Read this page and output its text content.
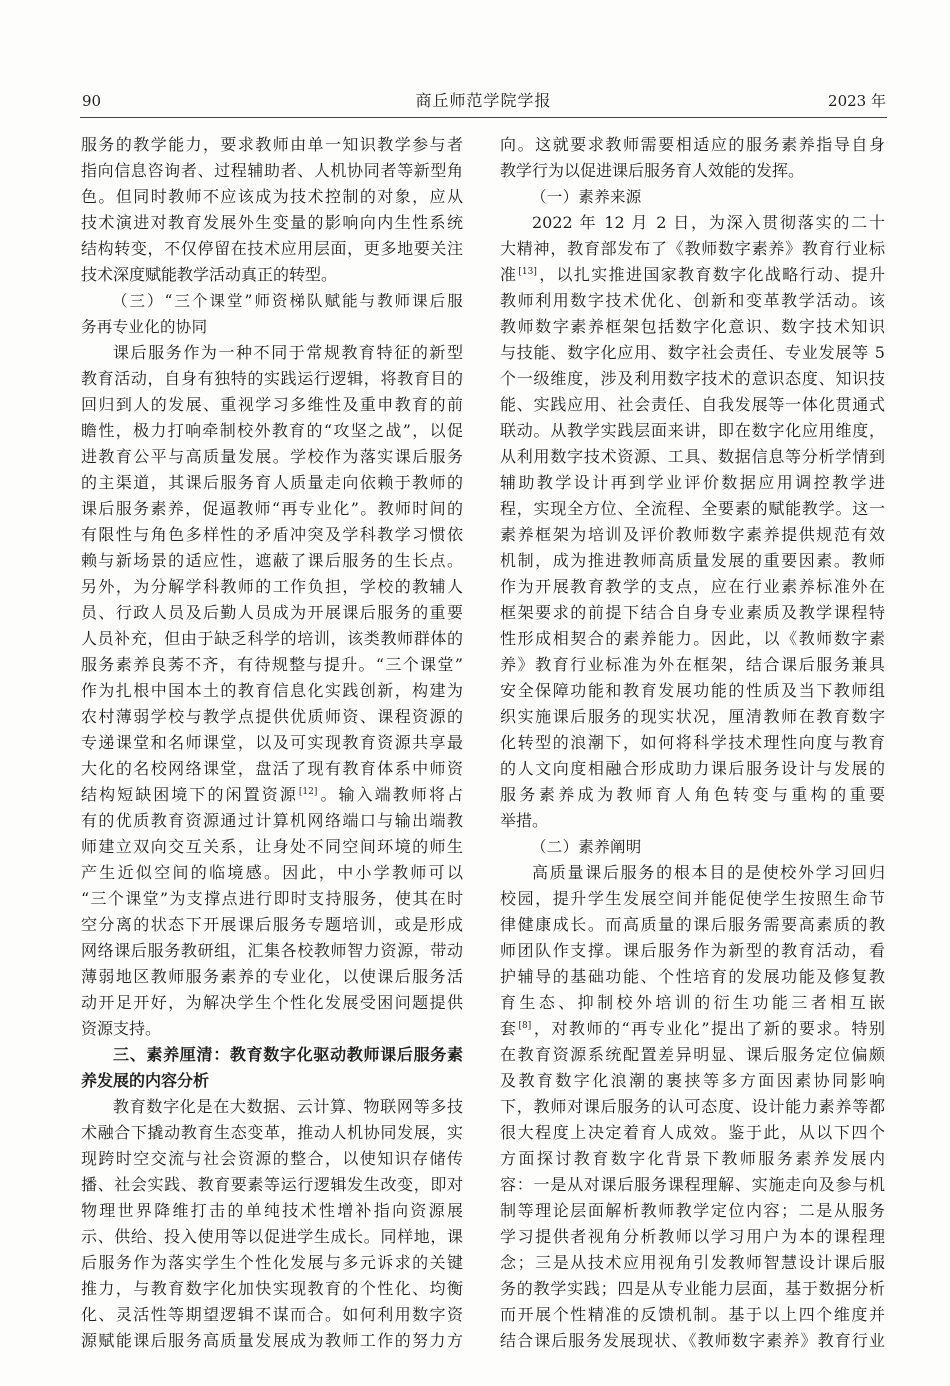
90	商丘师范学院学报	2023 年
服务的教学能力，要求教师由单一知识教学参与者
指向信息咨询者、过程辅助者、人机协同者等新型角
色。但同时教师不应该成为技术控制的对象，应从
技术演进对教育发展外生变量的影响向内生性系统
结构转变，不仅停留在技术应用层面，更多地要关注
技术深度赋能教学活动真正的转型。
（三）“三个课堂”师资梯队赋能与教师课后服
务再专业化的协同
课后服务作为一种不同于常规教育特征的新型
教育活动，自身有独特的实践运行逻辑，将教育目的
回归到人的发展、重视学习多维性及重申教育的前
瞻性，极力打响牵制校外教育的“攻坚之战”，以促
进教育公平与高质量发展。学校作为落实课后服务
的主渠道，其课后服务育人质量走向依赖于教师的
课后服务素养，促逼教师“再专业化”。教师时间的
有限性与角色多样性的矛盾冲突及学科教学习惯依
赖与新场景的适应性，遮蔽了课后服务的生长点。
另外，为分解学科教师的工作负担，学校的教辅人
员、行政人员及后勤人员成为开展课后服务的重要
人员补充，但由于缺乏科学的培训，该类教师群体的
服务素养良莠不齐，有待规整与提升。“三个课堂”
作为扎根中国本土的教育信息化实践创新，构建为
农村薄弱学校与教学点提供优质师资、课程资源的
专递课堂和名师课堂，以及可实现教育资源共享最
大化的名校网络课堂，盘活了现有教育体系中师资
结构短缺困境下的闲置资源[12]。输入端教师将占
有的优质教育资源通过计算机网络端口与输出端教
师建立双向交互关系，让身处不同空间环境的师生
产生近似空间的临境感。因此，中小学教师可以
“三个课堂”为支撑点进行即时支持服务，使其在时
空分离的状态下开展课后服务专题培训，或是形成
网络课后服务教研组，汇集各校教师智力资源，带动
薄弱地区教师服务素养的专业化，以使课后服务活
动开足开好，为解决学生个性化发展受困问题提供
资源支持。
三、素养厘清：教育数字化驱动教师课后服务素
养发展的内容分析
教育数字化是在大数据、云计算、物联网等多技
术融合下撬动教育生态变革，推动人机协同发展，实
现跨时空交流与社会资源的整合，以使知识存储传
播、社会实践、教育要素等运行逻辑发生改变，即对
物理世界降维打击的单纯技术性增补指向资源展
示、供给、投入使用等以促进学生成长。同样地，课
后服务作为落实学生个性化发展与多元诉求的关键
推力，与教育数字化加快实现教育的个性化、均衡
化、灵活性等期望逻辑不谋而合。如何利用数字资
源赋能课后服务高质量发展成为教师工作的努力方
向。这就要求教师需要相适应的服务素养指导自身
教学行为以促进课后服务育人效能的发挥。
（一）素养来源
2022 年 12 月 2 日，为深入贯彻落实的二十
大精神，教育部发布了《教师数字素养》教育行业标
准[13]，以扎实推进国家教育数字化战略行动、提升
教师利用数字技术优化、创新和变革教学活动。该
教师数字素养框架包括数字化意识、数字技术知识
与技能、数字化应用、数字社会责任、专业发展等 5
个一级维度，涉及利用数字技术的意识态度、知识技
能、实践应用、社会责任、自我发展等一体化贯通式
联动。从教学实践层面来讲，即在数字化应用维度，
从利用数字技术资源、工具、数据信息等分析学情到
辅助教学设计再到学业评价数据应用调控教学进
程，实现全方位、全流程、全要素的赋能教学。这一
素养框架为培训及评价教师数字素养提供规范有效
机制，成为推进教师高质量发展的重要因素。教师
作为开展教育教学的支点，应在行业素养标准外在
框架要求的前提下结合自身专业素质及教学课程特
性形成相契合的素养能力。因此，以《教师数字素
养》教育行业标准为外在框架，结合课后服务兼具
安全保障功能和教育发展功能的性质及当下教师组
织实施课后服务的现实状况，厘清教师在教育数字
化转型的浪潮下，如何将科学技术理性向度与教育
的人文向度相融合形成助力课后服务设计与发展的
服务素养成为教师育人角色转变与重构的重要
举措。
（二）素养阐明
高质量课后服务的根本目的是使校外学习回归
校园，提升学生发展空间并能促使学生按照生命节
律健康成长。而高质量的课后服务需要高素质的教
师团队作支撑。课后服务作为新型的教育活动，看
护辅导的基础功能、个性培育的发展功能及修复教
育生态、抑制校外培训的衍生功能三者相互嵌
套[8]，对教师的“再专业化”提出了新的要求。特别
在教育资源系统配置差异明显、课后服务定位偏颇
及教育数字化浪潮的裹挟等多方面因素协同影响
下，教师对课后服务的认可态度、设计能力素养等都
很大程度上决定着育人成效。鉴于此，从以下四个
方面探讨教育数字化背景下教师服务素养发展内
容：一是从对课后服务课程理解、实施走向及参与机
制等理论层面解析教师教学定位内容；二是从服务
学习提供者视角分析教师以学习用户为本的课程理
念；三是从技术应用视角引发教师智慧设计课后服
务的教学实践；四是从专业能力层面，基于数据分析
而开展个性精准的反馈机制。基于以上四个维度并
结合课后服务发展现状、《教师数字素养》教育行业
